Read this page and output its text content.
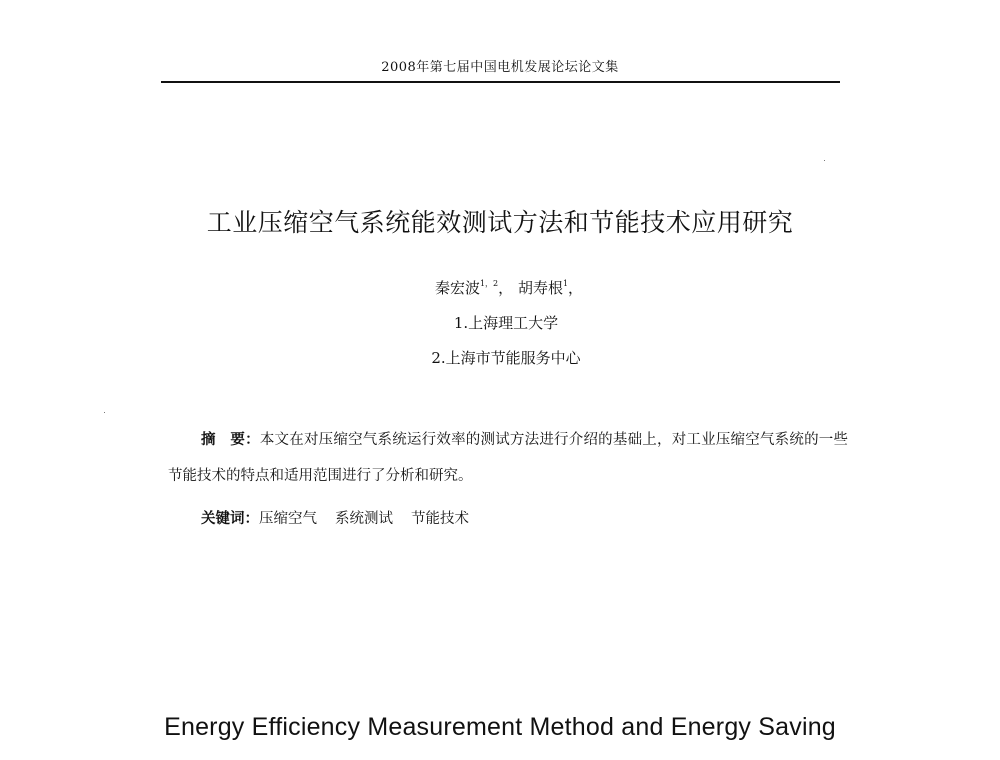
2008年第七届中国电机发展论坛论文集
工业压缩空气系统能效测试方法和节能技术应用研究
秦宏波$^{1,2}$， 胡寿根$^1$，
1.上海理工大学
2.上海市节能服务中心
摘　要：本文在对压缩空气系统运行效率的测试方法进行介绍的基础上，对工业压缩空气系统的一些节能技术的特点和适用范围进行了分析和研究。
关键词：压缩空气 系统测试 节能技术
Energy Efficiency Measurement Method and Energy Saving
